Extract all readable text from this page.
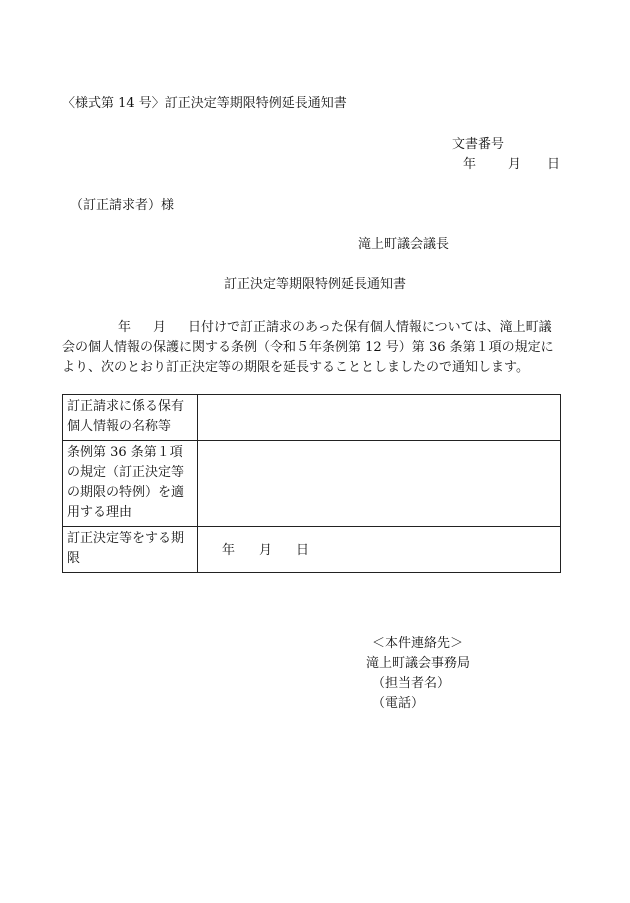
〈様式第 14 号〉訂正決定等期限特例延長通知書
文書番号
年 月 日
（訂正請求者）様
滝上町議会議長
訂正決定等期限特例延長通知書

年 月 日付けで訂正請求のあった保有個人情報については、滝上町議会の個人情報の保護に関する条例（令和５年条例第 12 号）第 36 条第１項の規定により、次のとおり訂正決定等の期限を延長することとしましたので通知します。

訂正請求に係る保有個人情報の名称等	
条例第 36 条第１項の規定（訂正決定等の期限の特例）を適用する理由	
訂正決定等をする期限	年 月 日
＜本件連絡先＞
滝上町議会事務局
（担当者名）
（電話）
